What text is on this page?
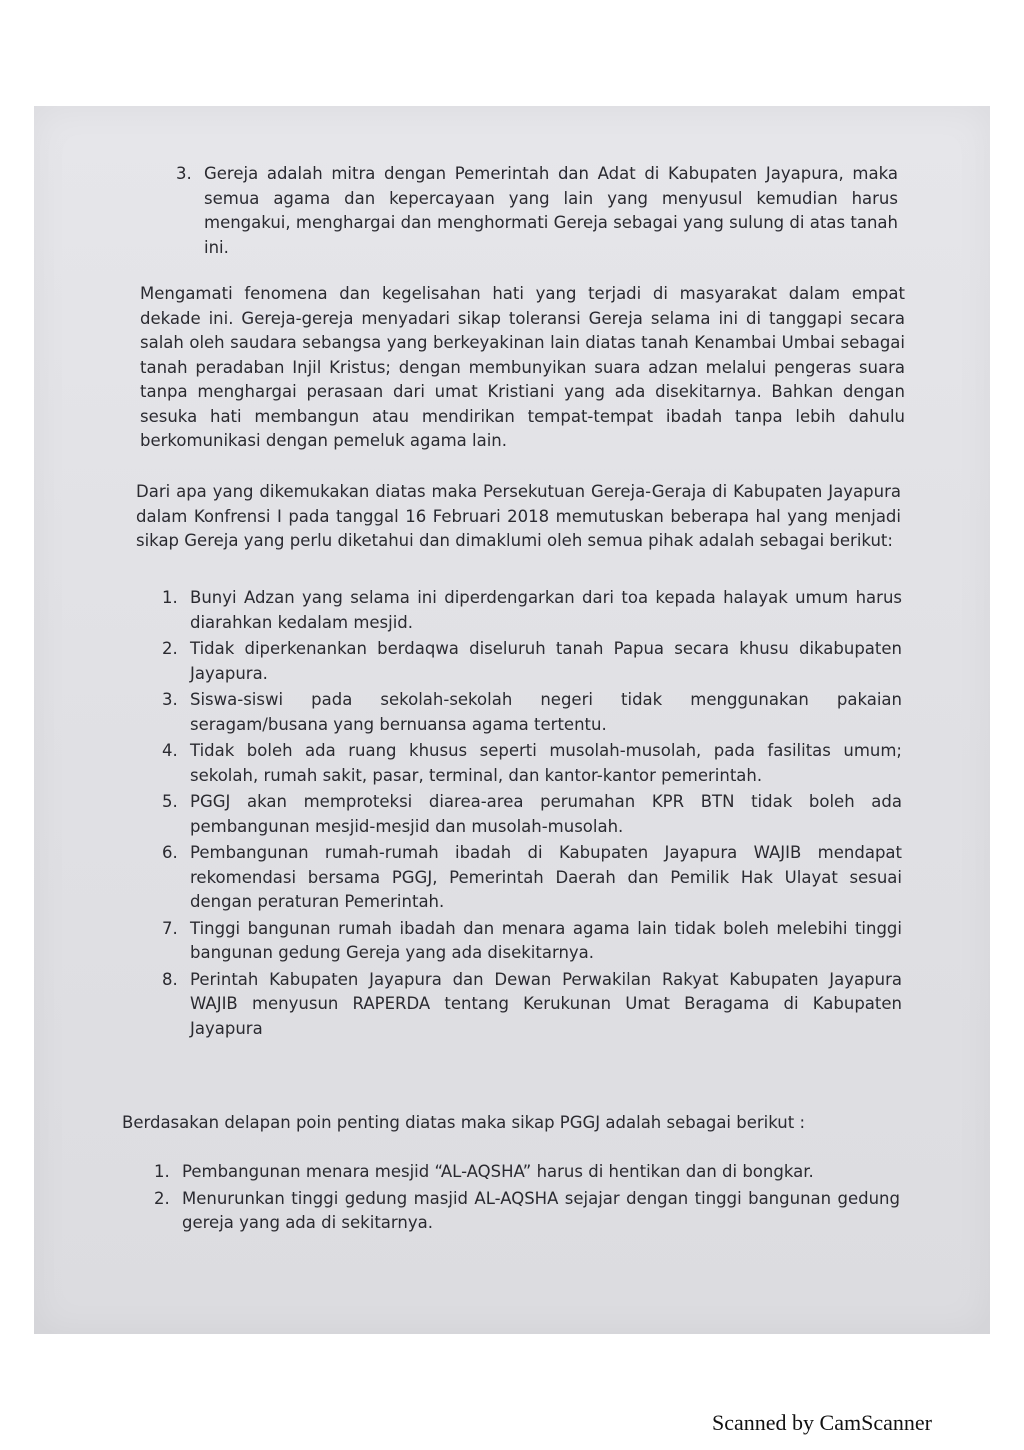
3. Gereja adalah mitra dengan Pemerintah dan Adat di Kabupaten Jayapura, maka semua agama dan kepercayaan yang lain yang menyusul kemudian harus mengakui, menghargai dan menghormati Gereja sebagai yang sulung di atas tanah ini.

Mengamati fenomena dan kegelisahan hati yang terjadi di masyarakat dalam empat dekade ini. Gereja-gereja menyadari sikap toleransi Gereja selama ini di tanggapi secara salah oleh saudara sebangsa yang berkeyakinan lain diatas tanah Kenambai Umbai sebagai tanah peradaban Injil Kristus; dengan membunyikan suara adzan melalui pengeras suara tanpa menghargai perasaan dari umat Kristiani yang ada disekitarnya. Bahkan dengan sesuka hati membangun atau mendirikan tempat-tempat ibadah tanpa lebih dahulu berkomunikasi dengan pemeluk agama lain.

Dari apa yang dikemukakan diatas maka Persekutuan Gereja-Geraja di Kabupaten Jayapura dalam Konfrensi I pada tanggal 16 Februari 2018 memutuskan beberapa hal yang menjadi sikap Gereja yang perlu diketahui dan dimaklumi oleh semua pihak adalah sebagai berikut:

1. Bunyi Adzan yang selama ini diperdengarkan dari toa kepada halayak umum harus diarahkan kedalam mesjid.
2. Tidak diperkenankan berdaqwa diseluruh tanah Papua secara khusu dikabupaten Jayapura.
3. Siswa-siswi pada sekolah-sekolah negeri tidak menggunakan pakaian seragam/busana yang bernuansa agama tertentu.
4. Tidak boleh ada ruang khusus seperti musolah-musolah, pada fasilitas umum; sekolah, rumah sakit, pasar, terminal, dan kantor-kantor pemerintah.
5. PGGJ akan memproteksi diarea-area perumahan KPR BTN tidak boleh ada pembangunan mesjid-mesjid dan musolah-musolah.
6. Pembangunan rumah-rumah ibadah di Kabupaten Jayapura WAJIB mendapat rekomendasi bersama PGGJ, Pemerintah Daerah dan Pemilik Hak Ulayat sesuai dengan peraturan Pemerintah.
7. Tinggi bangunan rumah ibadah dan menara agama lain tidak boleh melebihi tinggi bangunan gedung Gereja yang ada disekitarnya.
8. Perintah Kabupaten Jayapura dan Dewan Perwakilan Rakyat Kabupaten Jayapura WAJIB menyusun RAPERDA tentang Kerukunan Umat Beragama di Kabupaten Jayapura

Berdasakan delapan poin penting diatas maka sikap PGGJ adalah sebagai berikut :

1. Pembangunan menara mesjid “AL-AQSHA” harus di hentikan dan di bongkar.
2. Menurunkan tinggi gedung masjid AL-AQSHA sejajar dengan tinggi bangunan gedung gereja yang ada di sekitarnya.
Scanned by CamScanner
